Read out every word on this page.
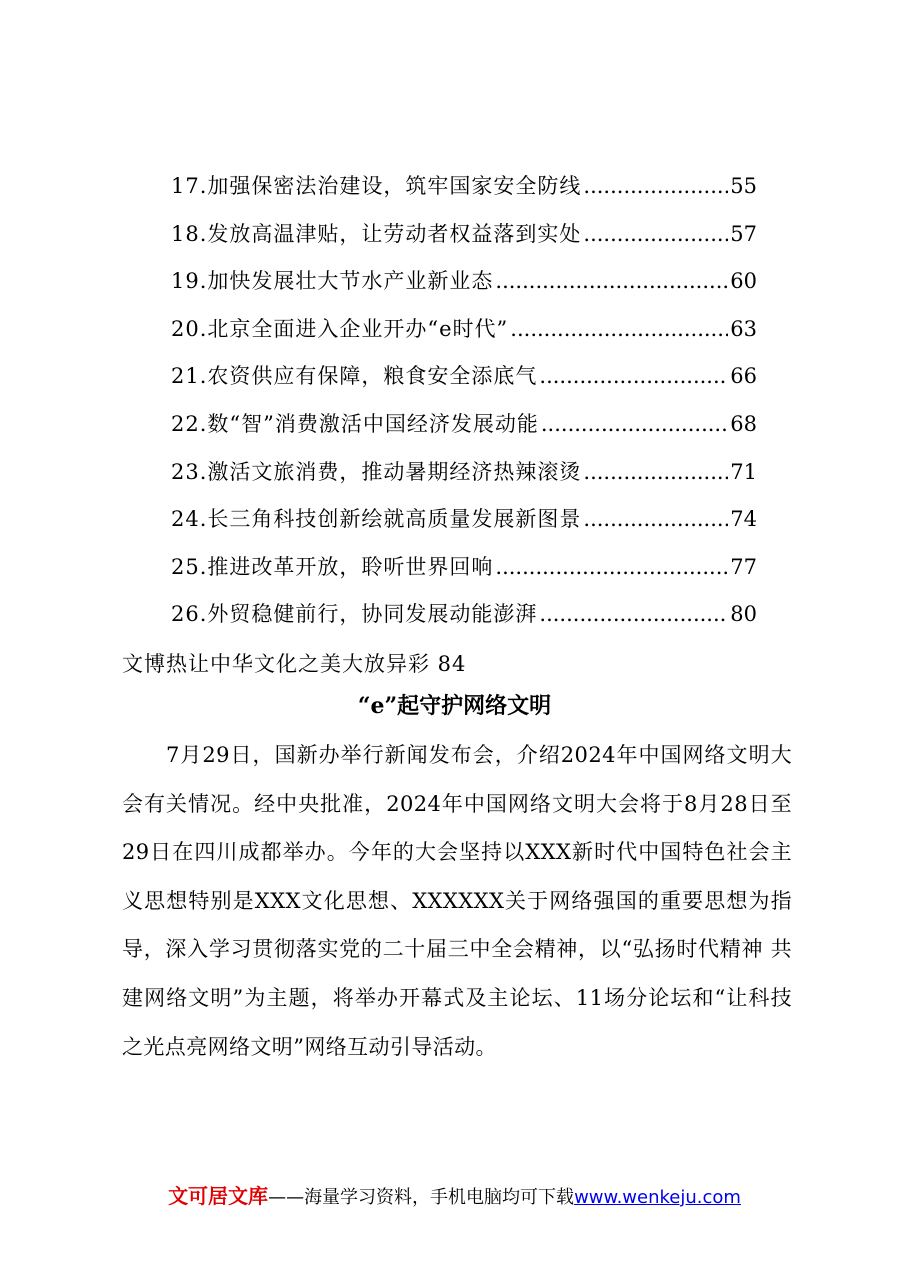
17.加强保密法治建设，筑牢国家安全防线 .....	55
18.发放高温津贴，让劳动者权益落到实处 .....	57
19.加快发展壮大节水产业新业态 .....	60
20.北京全面进入企业开办“e时代” .....	63
21.农资供应有保障，粮食安全添底气 .....	66
22.数“智”消费激活中国经济发展动能 .....	68
23.激活文旅消费，推动暑期经济热辣滚烫 .....	71
24.长三角科技创新绘就高质量发展新图景 .....	74
25.推进改革开放，聆听世界回响 .....	77
26.外贸稳健前行，协同发展动能澎湃 .....	80
文博热让中华文化之美大放异彩 84
“e”起守护网络文明

7月29日，国新办举行新闻发布会，介绍2024年中国网络文明大会有关情况。经中央批准，2024年中国网络文明大会将于8月28日至29日在四川成都举办。今年的大会坚持以XXX新时代中国特色社会主义思想特别是XXX文化思想、XXXXXX关于网络强国的重要思想为指导，深入学习贯彻落实党的二十届三中全会精神，以“弘扬时代精神 共建网络文明”为主题，将举办开幕式及主论坛、11场分论坛和“让科技之光点亮网络文明”网络互动引导活动。

文可居文库——海量学习资料，手机电脑均可下载www.wenkeju.com
